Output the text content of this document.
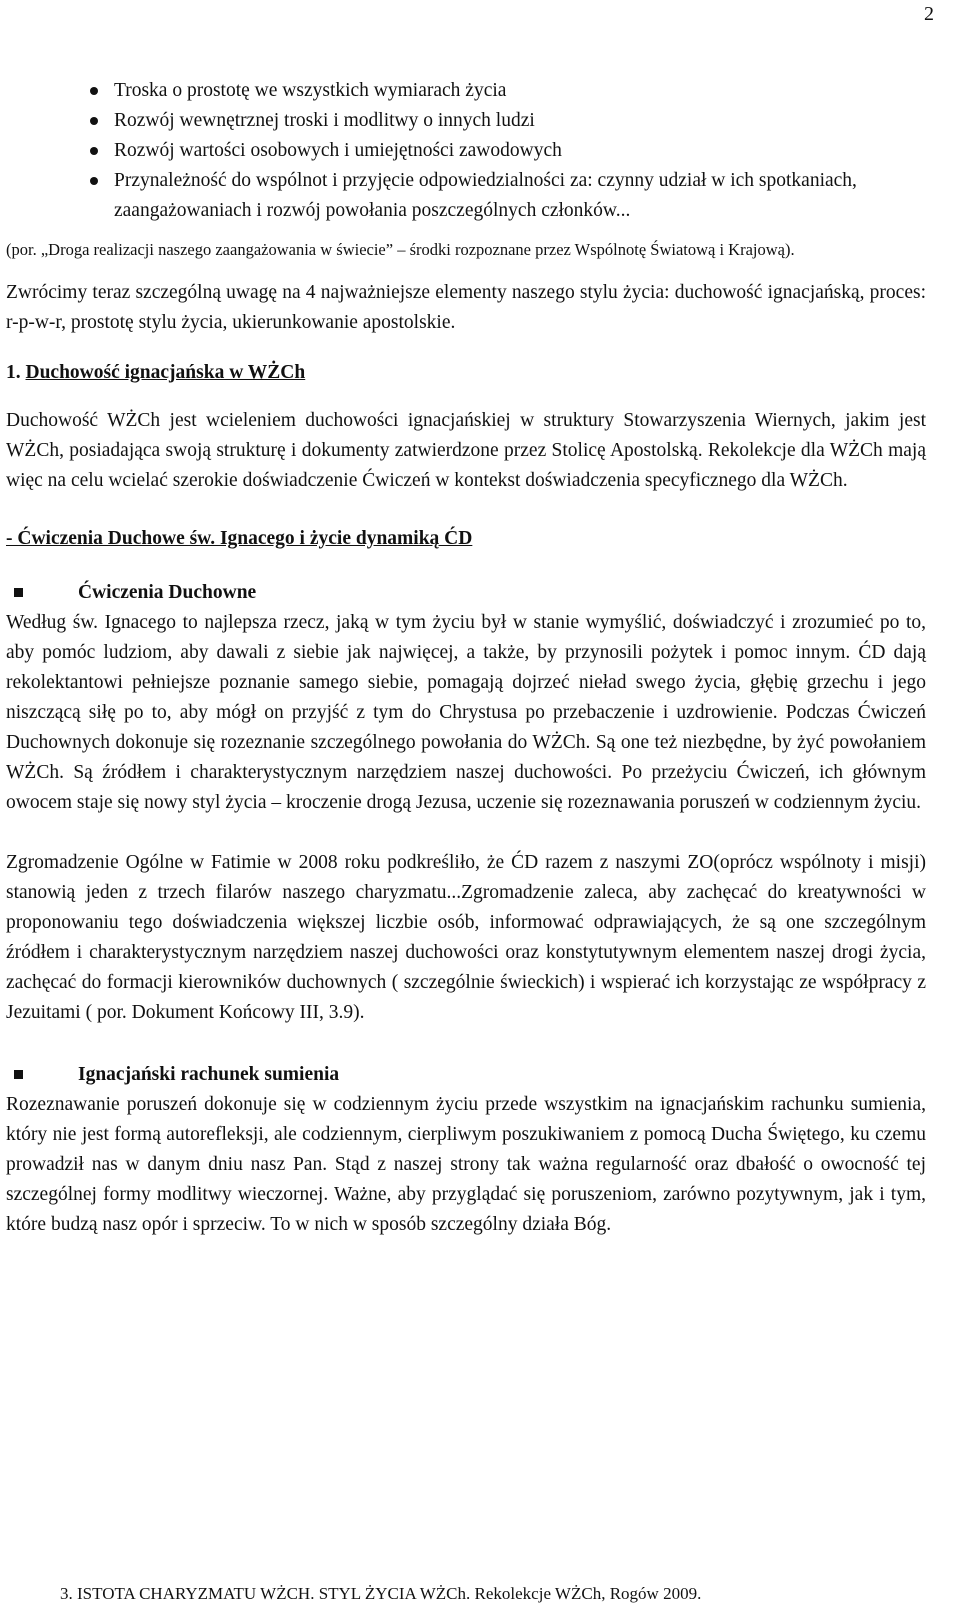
2
Troska o prostotę we wszystkich wymiarach życia
Rozwój wewnętrznej troski i modlitwy o innych ludzi
Rozwój wartości osobowych i umiejętności zawodowych
Przynależność do wspólnot i przyjęcie odpowiedzialności za: czynny udział w ich spotkaniach, zaangażowaniach i rozwój powołania poszczególnych członków...

(por. „Droga realizacji naszego zaangażowania w świecie” – środki rozpoznane przez Wspólnotę Światową i Krajową).

Zwrócimy teraz szczególną uwagę na 4 najważniejsze elementy naszego stylu życia: duchowość ignacjańską, proces: r-p-w-r, prostotę stylu życia, ukierunkowanie apostolskie.

1. Duchowość ignacjańska w WŻCh

Duchowość WŻCh jest wcieleniem duchowości ignacjańskiej w struktury Stowarzyszenia Wiernych, jakim jest WŻCh, posiadająca swoją strukturę i dokumenty zatwierdzone przez Stolicę Apostolską. Rekolekcje dla WŻCh mają więc na celu wcielać szerokie doświadczenie Ćwiczeń w kontekst doświadczenia specyficznego dla WŻCh.

- Ćwiczenia Duchowe św. Ignacego i życie dynamiką ĆD

Ćwiczenia Duchowne

Według św. Ignacego to najlepsza rzecz, jaką w tym życiu był w stanie wymyślić, doświadczyć i zrozumieć po to, aby pomóc ludziom, aby dawali z siebie jak najwięcej, a także, by przynosili pożytek i pomoc innym. ĆD dają rekolektantowi pełniejsze poznanie samego siebie, pomagają dojrzeć nieład swego życia, głębię grzechu i jego niszczącą siłę po to, aby mógł on przyjść z tym do Chrystusa po przebaczenie i uzdrowienie. Podczas Ćwiczeń Duchownych dokonuje się rozeznanie szczególnego powołania do WŻCh. Są one też niezbędne, by żyć powołaniem WŻCh. Są źródłem i charakterystycznym narzędziem naszej duchowości. Po przeżyciu Ćwiczeń, ich głównym owocem staje się nowy styl życia – kroczenie drogą Jezusa, uczenie się rozeznawania poruszeń w codziennym życiu.

Zgromadzenie Ogólne w Fatimie w 2008 roku podkreśliło, że ĆD razem z naszymi ZO(oprócz wspólnoty i misji) stanowią jeden z trzech filarów naszego charyzmatu...Zgromadzenie zaleca, aby zachęcać do kreatywności w proponowaniu tego doświadczenia większej liczbie osób, informować odprawiających, że są one szczególnym źródłem i charakterystycznym narzędziem naszej duchowości oraz konstytutywnym elementem naszej drogi życia, zachęcać do formacji kierowników duchownych ( szczególnie świeckich) i wspierać ich korzystając ze współpracy z Jezuitami ( por. Dokument Końcowy III, 3.9).

Ignacjański rachunek sumienia

Rozeznawanie poruszeń dokonuje się w codziennym życiu przede wszystkim na ignacjańskim rachunku sumienia, który nie jest formą autorefleksji, ale codziennym, cierpliwym poszukiwaniem z pomocą Ducha Świętego, ku czemu prowadził nas w danym dniu nasz Pan. Stąd z naszej strony tak ważna regularność oraz dbałość o owocność tej szczególnej formy modlitwy wieczornej. Ważne, aby przyglądać się poruszeniom, zarówno pozytywnym, jak i tym, które budzą nasz opór i sprzeciw. To w nich w sposób szczególny działa Bóg.

3. ISTOTA CHARYZMATU WŻCH. STYL ŻYCIA WŻCh. Rekolekcje WŻCh, Rogów 2009.
